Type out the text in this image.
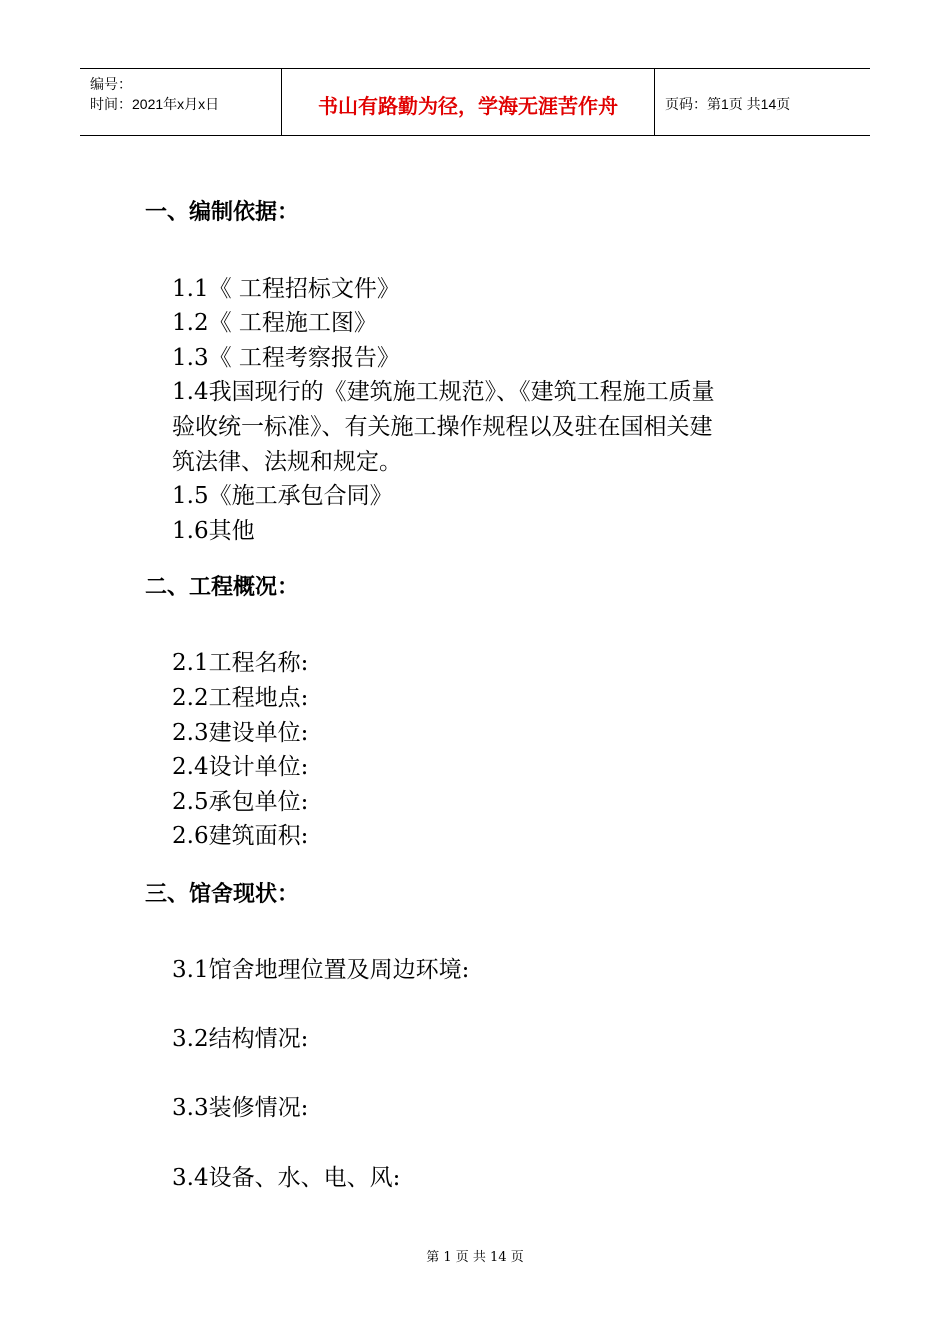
编号：
时间：2021年x月x日	书山有路勤为径，学海无涯苦作舟	页码：第1页 共14页
一、编制依据：
1.1《 工程招标文件》
1.2《 工程施工图》
1.3《 工程考察报告》
1.4我国现行的《建筑施工规范》、《建筑工程施工质量
验收统一标准》、有关施工操作规程以及驻在国相关建
筑法律、法规和规定。
1.5《施工承包合同》
1.6其他
二、工程概况：
2.1工程名称:
2.2工程地点:
2.3建设单位:
2.4设计单位:
2.5承包单位:
2.6建筑面积:
三、馆舍现状：
3.1馆舍地理位置及周边环境:
3.2结构情况:
3.3装修情况:
3.4设备、水、电、风:
第 1 页 共 14 页
